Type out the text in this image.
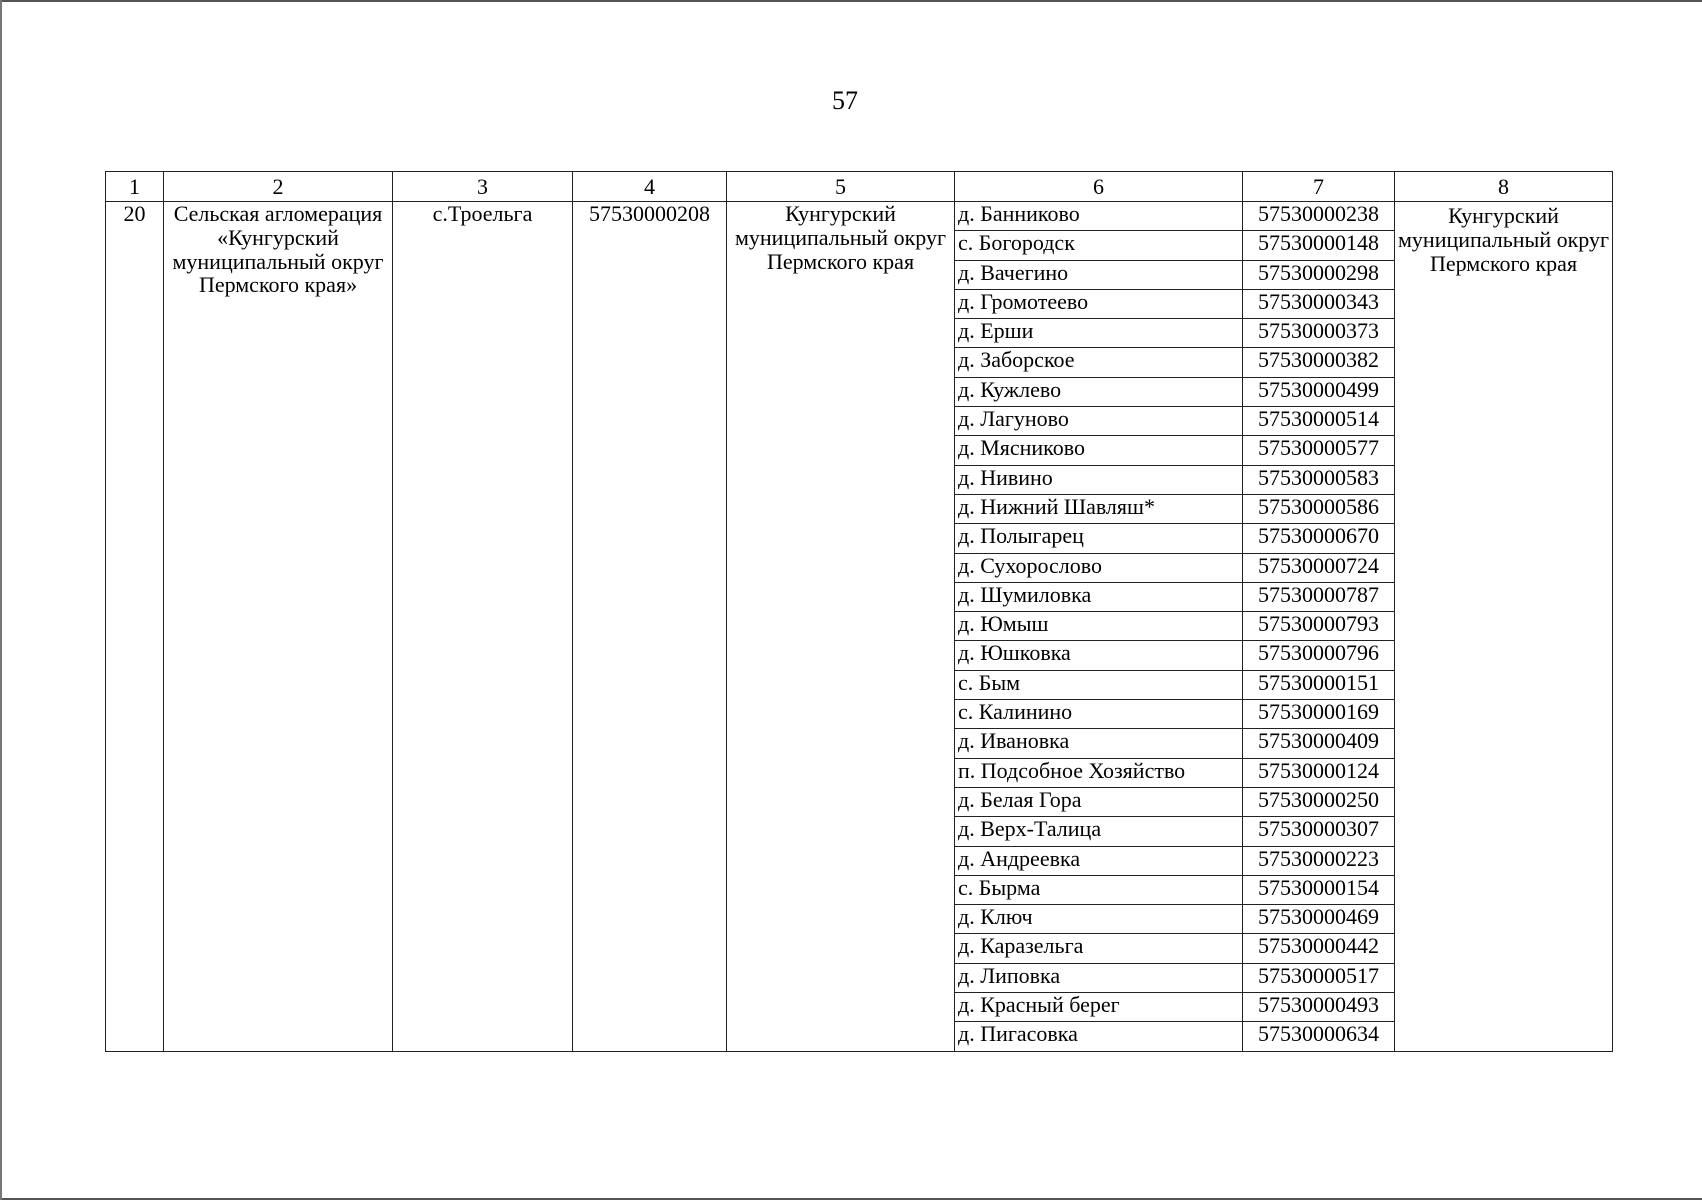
57
1	2	3	4	5	6	7	8
20	Сельская агломерация «Кунгурский муниципальный округ Пермского края»	с.Троельга	57530000208	Кунгурский муниципальный округ Пермского края	д. Банниково	57530000238	Кунгурский муниципальный округ Пермского края
					с. Богородск	57530000148	
					д. Вачегино	57530000298	
					д. Громотеево	57530000343	
					д. Ерши	57530000373	
					д. Заборское	57530000382	
					д. Кужлево	57530000499	
					д. Лагуново	57530000514	
					д. Мясниково	57530000577	
					д. Нивино	57530000583	
					д. Нижний Шавляш*	57530000586	
					д. Полыгарец	57530000670	
					д. Сухорослово	57530000724	
					д. Шумиловка	57530000787	
					д. Юмыш	57530000793	
					д. Юшковка	57530000796	
					с. Бым	57530000151	
					с. Калинино	57530000169	
					д. Ивановка	57530000409	
					п. Подсобное Хозяйство	57530000124	
					д. Белая Гора	57530000250	
					д. Верх-Талица	57530000307	
					д. Андреевка	57530000223	
					с. Бырма	57530000154	
					д. Ключ	57530000469	
					д. Каразельга	57530000442	
					д. Липовка	57530000517	
					д. Красный берег	57530000493	
					д. Пигасовка	57530000634	
